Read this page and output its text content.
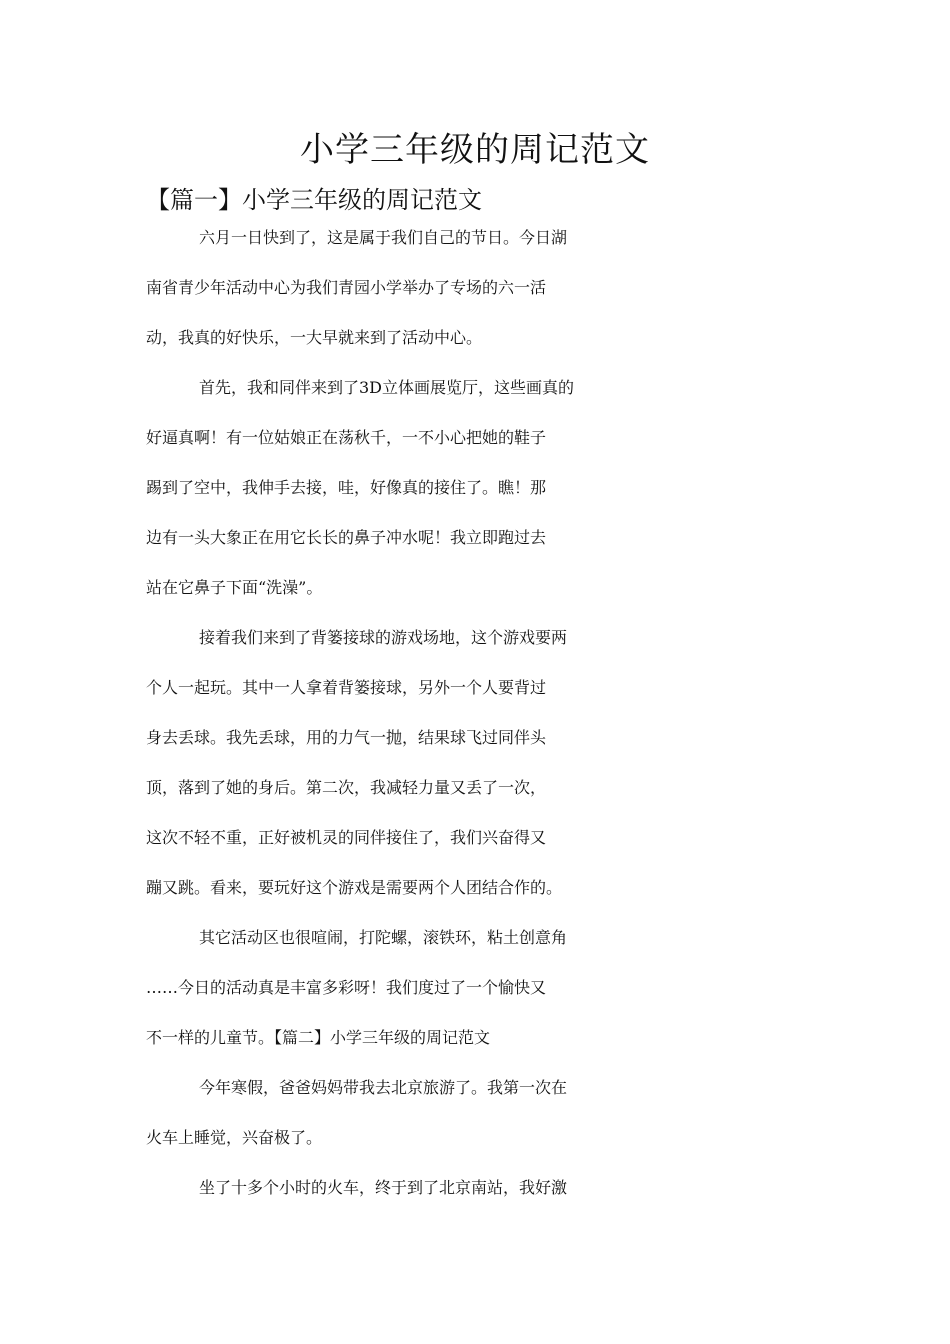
小学三年级的周记范文
【篇一】小学三年级的周记范文
六月一日快到了，这是属于我们自己的节日。今日湖
南省青少年活动中心为我们青园小学举办了专场的六一活
动，我真的好快乐，一大早就来到了活动中心。
首先，我和同伴来到了3D立体画展览厅，这些画真的
好逼真啊！有一位姑娘正在荡秋千，一不小心把她的鞋子
踢到了空中，我伸手去接，哇，好像真的接住了。瞧！那
边有一头大象正在用它长长的鼻子冲水呢！我立即跑过去
站在它鼻子下面“洗澡”。
接着我们来到了背篓接球的游戏场地，这个游戏要两
个人一起玩。其中一人拿着背篓接球，另外一个人要背过
身去丢球。我先丢球，用的力气一抛，结果球飞过同伴头
顶，落到了她的身后。第二次，我减轻力量又丢了一次，
这次不轻不重，正好被机灵的同伴接住了，我们兴奋得又
蹦又跳。看来，要玩好这个游戏是需要两个人团结合作的。
其它活动区也很喧闹，打陀螺，滚铁环，粘土创意角
……今日的活动真是丰富多彩呀！我们度过了一个愉快又
不一样的儿童节。【篇二】小学三年级的周记范文
今年寒假，爸爸妈妈带我去北京旅游了。我第一次在
火车上睡觉，兴奋极了。
坐了十多个小时的火车，终于到了北京南站，我好激
